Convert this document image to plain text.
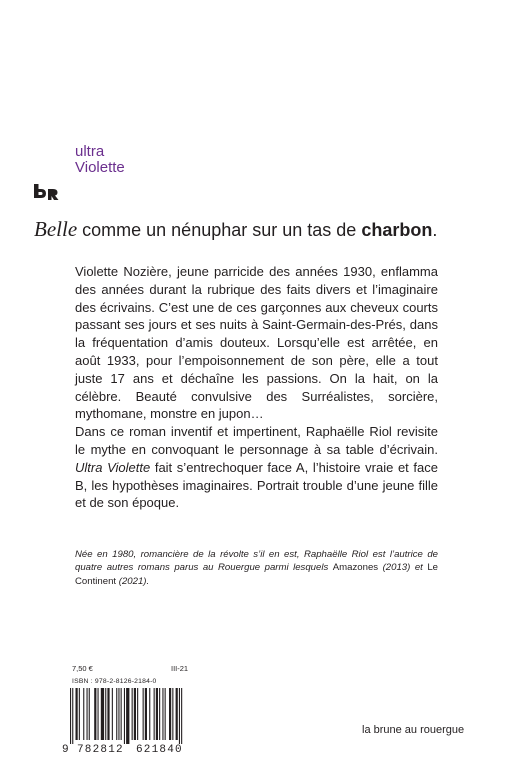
ultra
Violette
Belle comme un nénuphar sur un tas de charbon.

Violette Nozière, jeune parricide des années 1930, enflamma des années durant la rubrique des faits divers et l’imaginaire des écrivains. C’est une de ces garçonnes aux cheveux courts passant ses jours et ses nuits à Saint-Germain-des-Prés, dans la fréquentation d’amis douteux. Lorsqu’elle est arrêtée, en août 1933, pour l’empoisonnement de son père, elle a tout juste 17 ans et déchaîne les passions. On la hait, on la célèbre. Beauté convulsive des Surréalistes, sorcière, mythomane, monstre en jupon…

Dans ce roman inventif et impertinent, Raphaëlle Riol revisite le mythe en convoquant le personnage à sa table d’écrivain. Ultra Violette fait s’entrechoquer face A, l’histoire vraie et face B, les hypothèses imaginaires. Portrait trouble d’une jeune fille et de son époque.

Née en 1980, romancière de la révolte s’il en est, Raphaëlle Riol est l’autrice de quatre autres romans parus au Rouergue parmi lesquels Amazones (2013) et Le Continent (2021).
7,50 €	III-21
ISBN : 978-2-8126-2184-0
9 782812 621840
la brune au rouergue
